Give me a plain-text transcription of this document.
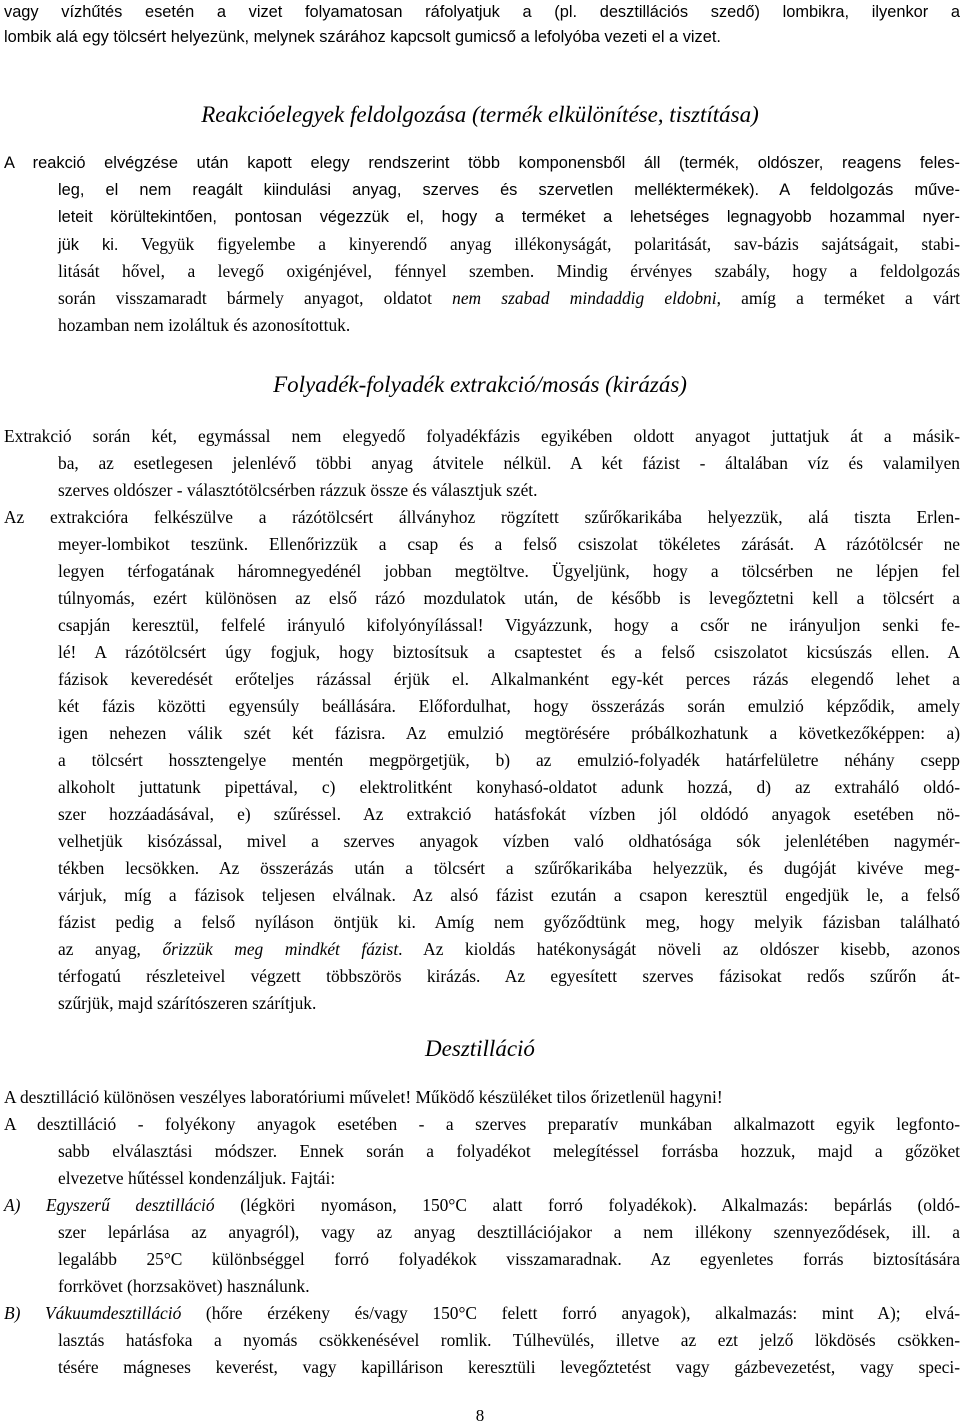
vagy vízhűtés esetén a vizet folyamatosan ráfolyatjuk a (pl. desztillációs szedő) lombikra, ilyenkor a
lombik alá egy tölcsért helyezünk, melynek szárához kapcsolt gumicső a lefolyóba vezeti el a vizet.
Reakcióelegyek feldolgozása (termék elkülönítése, tisztítása)
A reakció elvégzése után kapott elegy rendszerint több komponensből áll (termék, oldószer, reagens feles-
leg, el nem reagált kiindulási anyag, szerves és szervetlen melléktermékek). A feldolgozás műve-
leteit körültekintően, pontosan végezzük el, hogy a terméket a lehetséges legnagyobb hozammal nyer-
jük ki. Vegyük figyelembe a kinyerendő anyag illékonyságát, polaritását, sav-bázis sajátságait, stabi-
litását hővel, a levegő oxigénjével, fénnyel szemben. Mindig érvényes szabály, hogy a feldolgozás
során visszamaradt bármely anyagot, oldatot nem szabad mindaddig eldobni, amíg a terméket a várt
hozamban nem izoláltuk és azonosítottuk.
Folyadék-folyadék extrakció/mosás (kirázás)
Extrakció során két, egymással nem elegyedő folyadékfázis egyikében oldott anyagot juttatjuk át a másik-
ba, az esetlegesen jelenlévő többi anyag átvitele nélkül. A két fázist - általában víz és valamilyen
szerves oldószer - választótölcsérben rázzuk össze és választjuk szét.
Az extrakcióra felkészülve a rázótölcsért állványhoz rögzített szűrőkarikába helyezzük, alá tiszta Erlen-
meyer-lombikot teszünk. Ellenőrizzük a csap és a felső csiszolat tökéletes zárását. A rázótölcsér ne
legyen térfogatának háromnegyedénél jobban megtöltve. Ügyeljünk, hogy a tölcsérben ne lépjen fel
túlnyomás, ezért különösen az első rázó mozdulatok után, de később is levegőztetni kell a tölcsért a
csapján keresztül, felfelé irányuló kifolyónyílással! Vigyázzunk, hogy a csőr ne irányuljon senki fe-
lé! A rázótölcsért úgy fogjuk, hogy biztosítsuk a csaptestet és a felső csiszolatot kicsúszás ellen. A
fázisok keveredését erőteljes rázással érjük el. Alkalmanként egy-két perces rázás elegendő lehet a
két fázis közötti egyensúly beállására. Előfordulhat, hogy összerázás során emulzió képződik, amely
igen nehezen válik szét két fázisra. Az emulzió megtörésére próbálkozhatunk a következőképpen: a)
a tölcsért hossztengelye mentén megpörgetjük, b) az emulzió-folyadék határfelületre néhány csepp
alkoholt juttatunk pipettával, c) elektrolitként konyhasó-oldatot adunk hozzá, d) az extraháló oldó-
szer hozzáadásával, e) szűréssel. Az extrakció hatásfokát vízben jól oldódó anyagok esetében nö-
velhetjük kisózással, mivel a szerves anyagok vízben való oldhatósága sók jelenlétében nagymér-
tékben lecsökken. Az összerázás után a tölcsért a szűrőkarikába helyezzük, és dugóját kivéve meg-
várjuk, míg a fázisok teljesen elválnak. Az alsó fázist ezután a csapon keresztül engedjük le, a felső
fázist pedig a felső nyíláson öntjük ki. Amíg nem győződtünk meg, hogy melyik fázisban található
az anyag, őrizzük meg mindkét fázist. Az kioldás hatékonyságát növeli az oldószer kisebb, azonos
térfogatú részleteivel végzett többszörös kirázás. Az egyesített szerves fázisokat redős szűrőn át-
szűrjük, majd szárítószeren szárítjuk.
Desztilláció
A desztilláció különösen veszélyes laboratóriumi művelet! Működő készüléket tilos őrizetlenül hagyni!
A desztilláció - folyékony anyagok esetében - a szerves preparatív munkában alkalmazott egyik legfonto-
sabb elválasztási módszer. Ennek során a folyadékot melegítéssel forrásba hozzuk, majd a gőzöket
elvezetve hűtéssel kondenzáljuk. Fajtái:
A) Egyszerű desztilláció (légköri nyomáson, 150°C alatt forró folyadékok). Alkalmazás: bepárlás (oldó-
szer lepárlása az anyagról), vagy az anyag desztillációjakor a nem illékony szennyeződések, ill. a
legalább 25°C különbséggel forró folyadékok visszamaradnak. Az egyenletes forrás biztosítására
forrkövet (horzsakövet) használunk.
B) Vákuumdesztilláció (hőre érzékeny és/vagy 150°C felett forró anyagok), alkalmazás: mint A); elvá-
lasztás hatásfoka a nyomás csökkenésével romlik. Túlhevülés, illetve az ezt jelző lökdösés csökken-
tésére mágneses keverést, vagy kapillárison keresztüli levegőztetést vagy gázbevezetést, vagy speci-
8
